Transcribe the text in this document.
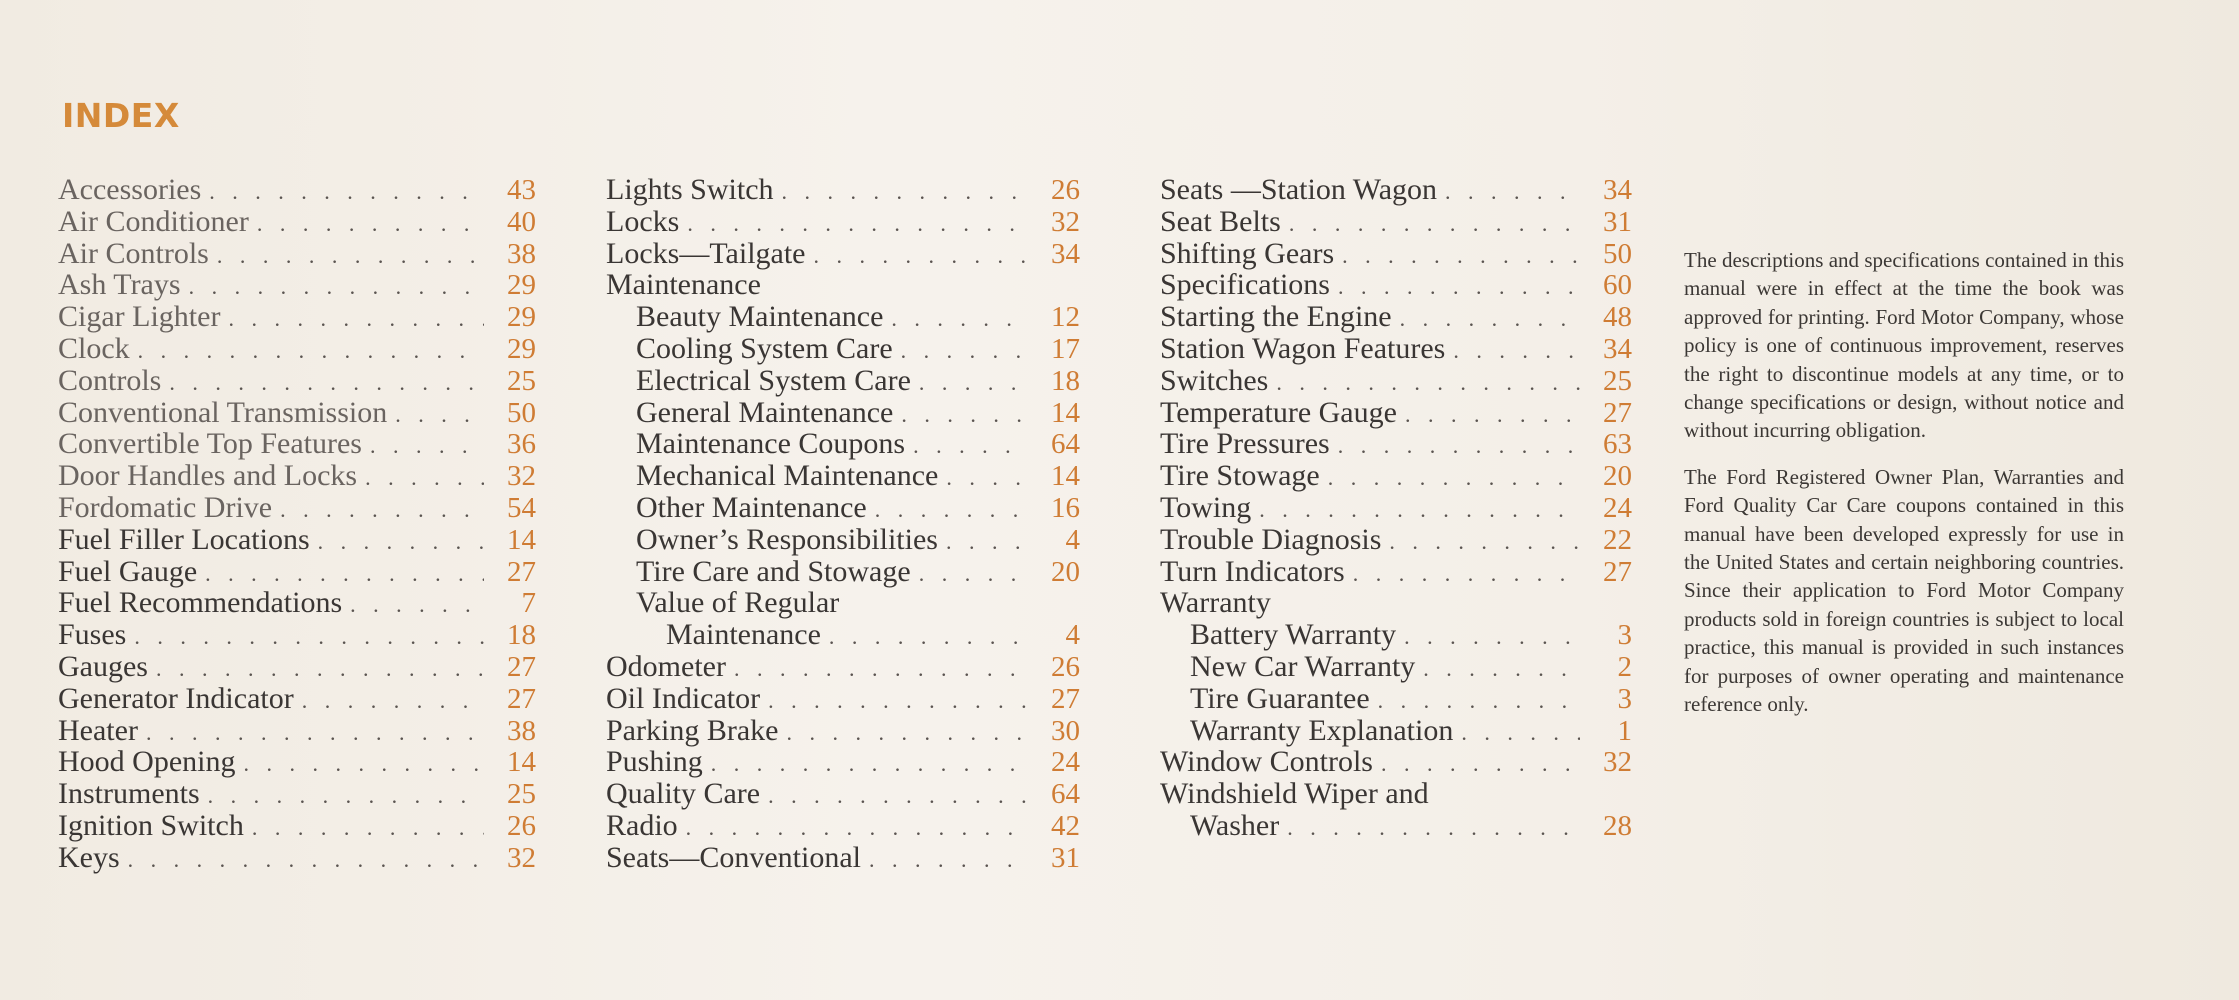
INDEX
Accessories . . .	43
Air Conditioner . . .	40
Air Controls . . .	38
Ash Trays . . .	29
Cigar Lighter . . .	29
Clock . . .	29
Controls . . .	25
Conventional Transmission . . .	50
Convertible Top Features . . .	36
Door Handles and Locks . . .	32
Fordomatic Drive . . .	54
Fuel Filler Locations . . .	14
Fuel Gauge . . .	27
Fuel Recommendations . . .	7
Fuses . . .	18
Gauges . . .	27
Generator Indicator . . .	27
Heater . . .	38
Hood Opening . . .	14
Instruments . . .	25
Ignition Switch . . .	26
Keys . . .	32
Lights Switch . . .	26
Locks . . .	32
Locks—Tailgate . . .	34
Maintenance
Beauty Maintenance . . .	12
Cooling System Care . . .	17
Electrical System Care . . .	18
General Maintenance . . .	14
Maintenance Coupons . . .	64
Mechanical Maintenance . . .	14
Other Maintenance . . .	16
Owner’s Responsibilities . . .	4
Tire Care and Stowage . . .	20
Value of Regular
Maintenance . . .	4
Odometer . . .	26
Oil Indicator . . .	27
Parking Brake . . .	30
Pushing . . .	24
Quality Care . . .	64
Radio . . .	42
Seats—Conventional . . .	31
Seats —Station Wagon . . .	34
Seat Belts . . .	31
Shifting Gears . . .	50
Specifications . . .	60
Starting the Engine . . .	48
Station Wagon Features . . .	34
Switches . . .	25
Temperature Gauge . . .	27
Tire Pressures . . .	63
Tire Stowage . . .	20
Towing . . .	24
Trouble Diagnosis . . .	22
Turn Indicators . . .	27
Warranty
Battery Warranty . . .	3
New Car Warranty . . .	2
Tire Guarantee . . .	3
Warranty Explanation . . .	1
Window Controls . . .	32
Windshield Wiper and
Washer . . .	28

The descriptions and specifications contained in this manual were in effect at the time the book was approved for printing. Ford Motor Company, whose policy is one of continuous improvement, reserves the right to discontinue models at any time, or to change specifications or design, without notice and without incurring obligation.

The Ford Registered Owner Plan, Warranties and Ford Quality Car Care coupons contained in this manual have been developed expressly for use in the United States and certain neighboring countries. Since their application to Ford Motor Company products sold in foreign countries is subject to local practice, this manual is provided in such instances for purposes of owner operating and maintenance reference only.
